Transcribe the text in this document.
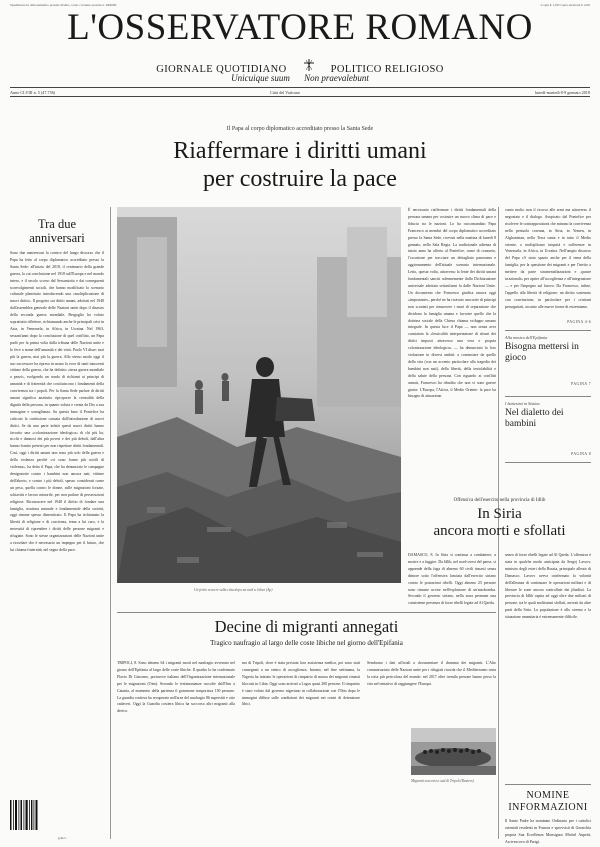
Spedizione in abbonamento postale Roma, conto corrente postale n. 649000	Copia € 1,00 Copia arretrata € 2,00
L'OSSERVATORE ROMANO
GIORNALE QUOTIDIANO	POLITICO RELIGIOSO
Unicuique suum Non praevalebunt
Anno CLVIII n. 5 (47.756)	Città del Vaticano	lunedì-martedì 8-9 gennaio 2018
Il Papa al corpo diplomatico accreditato presso la Santa Sede
Riaffermare i diritti umani
per costruire la pace
Tra due anniversari
Sono due anniversari la cornice del lungo discorso che il Papa ha letto al corpo diplomatico accreditato presso la Santa Sede: all'inizio del 2018, il centenario della grande guerra, la cui conclusione nel 1918 sull'Europa e nel mondo intero, e il secolo scorso dal Sessantotto e dai conseguenti sconvolgimenti sociali, che hanno modificato lo scenario culturale planetario introducendo una «moltiplicazione di nuovi diritti». Il progetto sui diritti umani, adottati nel 1948 dall'assemblea generale delle Nazioni unite dopo il disastro della seconda guerra mondiale, Bergoglio ha voluto soprattutto riflettere, richiamando anche le principali crisi in Asia, in Venezuela, in Africa, in Ucraina. Nel 1963, sessant'anni dopo la conclusione di quel conflitto, un Papa parlò per la prima volta dalla tribuna delle Nazioni unite e lo fece a nome dell'umanità e dei vinti. Paolo VI disse: mai più la guerra, mai più la guerra. Allo stesso modo oggi il suo successore ha ripreso in mano la voce di tanti innocenti vittime della guerra, che ha definito «terza guerra mondiale a pezzi», svolgendo un rondo di richiami ai principi di umanità e di fraternità che costituiscono i fondamenti della convivenza tra i popoli. Per la Santa Sede parlare di diritti umani significa anzitutto riproporre la centralità della dignità della persona, in quanto voluta e creata da Dio a sua immagine e somiglianza. Su questa base il Pontefice ha criticato la confusione causata dall'introduzione di nuovi diritti. Se da una parte infatti questi nuovi diritti hanno favorito una «colonizzazione ideologica» di chi più ha, ricchi e dannosi dei più poveri e dei più deboli, dall'altra hanno fornito pretesti per non rispettare diritti fondamentali. Così, oggi i diritti umani non sono più solo della guerra e della violenza perché «vi sono forme più sottili di violenza», ha detto il Papa, che ha denunciato le campagne denigratorie contro i bambini non ancora nati, vittime dell'aborto, e contro i più deboli, spesso considerati come un peso, quella contro le donne, sulle migrazioni forzate, schiavitù e lavoro minorile, per non parlare di persecuzioni religiose. Riconoscere nel 1948 il diritto di fondare una famiglia, struttura naturale e fondamentale della società, oggi rimane spesso dimenticato. Il Papa ha richiamato la libertà di religione e di coscienza, tema a lui caro, e la necessità di riprendere i diritti delle persone migranti e rifugiate. Sono le stesse organizzazioni delle Nazioni unite a ricordare che è necessario un impegno per il futuro, che lui chiama fraternità, nel segno della pace.
g.m.v.
Un ferito recorre sulla citta dopo un raid a Jobar (Ap)
È necessario riaffermare i diritti fondamentali della persona umana per costruire un nuovo clima di pace e fiducia tra le nazioni. Lo ha raccomandato Papa Francesco ai membri del corpo diplomatico accreditato presso la Santa Sede, ricevuti nella mattina di lunedì 8 gennaio, nella Sala Regia. La tradizionale udienza di inizio anno ha offerto al Pontefice, come di consueto, l'occasione per tracciare un dettagliato panorama e aggiornamento dell'attuale scenario internazionale. Letto, questa volta, attraverso la lente dei diritti umani fondamentali sanciti solennemente dalla Dichiarazione universale adottata settant'anni fa dalle Nazioni Unite. Un documento che Francesco giudica ancora oggi «importante», perché ne ha ricavato una serie di principi non scontati per rimuovere i muri di separazione che dividono la famiglia umana e favorire quello che la dottrina sociale della Chiesa chiama sviluppo umano integrale. In questa luce il Papa — non senza aver constatato la «lessicalità interpretazione di alcuni dei diritti imposti attraverso una vera e propria colonizzazione ideologica» — ha denunciato la loro violazione in diversi ambiti: a cominciare da quello della vita (con un accento particolare alla tragedia dei bambini non nati), della libertà, della inviolabilità e della salute della persona. Con riguardo ai conflitti armati, Francesco ha ribadito che non vi sono guerre giuste. L'Europa, l'Africa, il Medio Oriente: la pace ha bisogno di attuazione.
vanto molto non il ricorso alle armi ma attraverso il negoziato e il dialogo. Auspicato dal Pontefice per risolvere le contrapposizioni che minano la convivenza nella penisola coreana, in Siria, in Yemen, in Afghanistan, nella Terra santa e in tutto il Medio oriente, o moltiplicano iniquità e sofferenze in Venezuela, in Africa, in Ucraina. Nell'ampio discorso del Papa c'è stato spazio anche per il tema della famiglia, per la questione dei migranti e per l'invito a mettere da parte strumentalizzazioni e «paure irrazionali» per aprire all'accoglienza e all'integrazione — e per l'impegno sul lavoro. Da Francesco, infine, l'appello alla libertà di religione: un diritto sostenuto con convinzione, in particolare per i cristiani perseguitati, accanto alle nuove forme di estremismo.
PAGINA 4-6
Alla mostra dell'Epifania
Bisogna mettersi in gioco
PAGINA 7
I battesimi in Sistina
Nel dialetto dei bambini
PAGINA 8
Offensiva dell'esercito nella provincia di Idlib
In Siria
ancora morti e sfollati
DAMASCO, 8. In Siria si continua a combattere, a morire e a fuggire. Da Idlib, nel nord-ovest del paese, si apprende della fuga di almeno 60 civili rimasti senza dimore sotto l'offensiva lanciata dall'esercito siriano contro le postazioni ribelli. Oggi almeno 25 persone sono rimaste uccise nell'esplosione di un'autobomba. Secondo il governo siriano, nella zona permane una consistente presenza di forze ribelli legate ad Al Qaeda.
senza di forze ribelli legate ad Al Qaeda. L'offensiva è stata in qualche modo anticipata da Sergej Lavrov, ministro degli esteri della Russia, principale alleato di Damasco. Lavrov aveva confermato la volontà dell'alleanza di continuare le operazioni militari e di liberare le zone ancora controllate dai jihadisti. La provincia di Idlib ospita ad oggi oltre due milioni di persone, tra le quali moltissimi sfollati, arrivati da altre parti della Siria. La popolazione è allo stremo e la situazione umanitaria è estremamente difficile.
Decine di migranti annegati
Tragico naufragio al largo delle coste libiche nel giorno dell'Epifania
TRIPOLI, 8. Sono almeno 64 i migranti morti nel naufragio avvenuto nel giorno dell'Epifania al largo delle coste libiche. Il quadro lo ha confermato Flavio Di Giacomo, portavoce italiano dell'Organizzazione internazionale per le migrazioni (Oim). Secondo le testimonianze raccolte dall'Oim a Catania, al momento della partenza il gommone trasportava 150 persone. La guardia costiera ha recuperato nell'area del naufragio 86 superstiti e otto cadaveri. Oggi la Guardia costiera libica ha soccorso altri migranti alla deriva.
ma di Tripoli, dove è stata prestata loro assistenza medica, poi sono stati consegnati a un centro di accoglienza. Intanto, nel fine settimana, la Nigeria ha iniziato le operazioni di rimpatrio di massa dei migranti rimasti bloccati in Libia. Oggi sono arrivati a Lagos quasi 200 persone. Il rimpatrio è stato voluto dal governo nigeriano in collaborazione con l'Oim dopo le immagini diffuse sulle condizioni dei migranti nei centri di detenzione libici.
Sembrano i dati ufficiali a documentare il dramma dei migranti. L'Alto commissariato delle Nazioni unite per i rifugiati ricorda che il Mediterraneo resta la rotta più pericolosa del mondo: nel 2017 oltre tremila persone hanno perso la vita nel tentativo di raggiungere l'Europa.
Migranti soccorsi a sud di Tripoli (Reuters)
NOMINE
INFORMAZIONI
Il Santo Padre ha nominato Ordinario per i cattolici orientali residenti in Francia e sprovvisti di Gerarchia propria Sua Eccellenza Monsignor Michel Aupetit, Arcivescovo di Parigi.
